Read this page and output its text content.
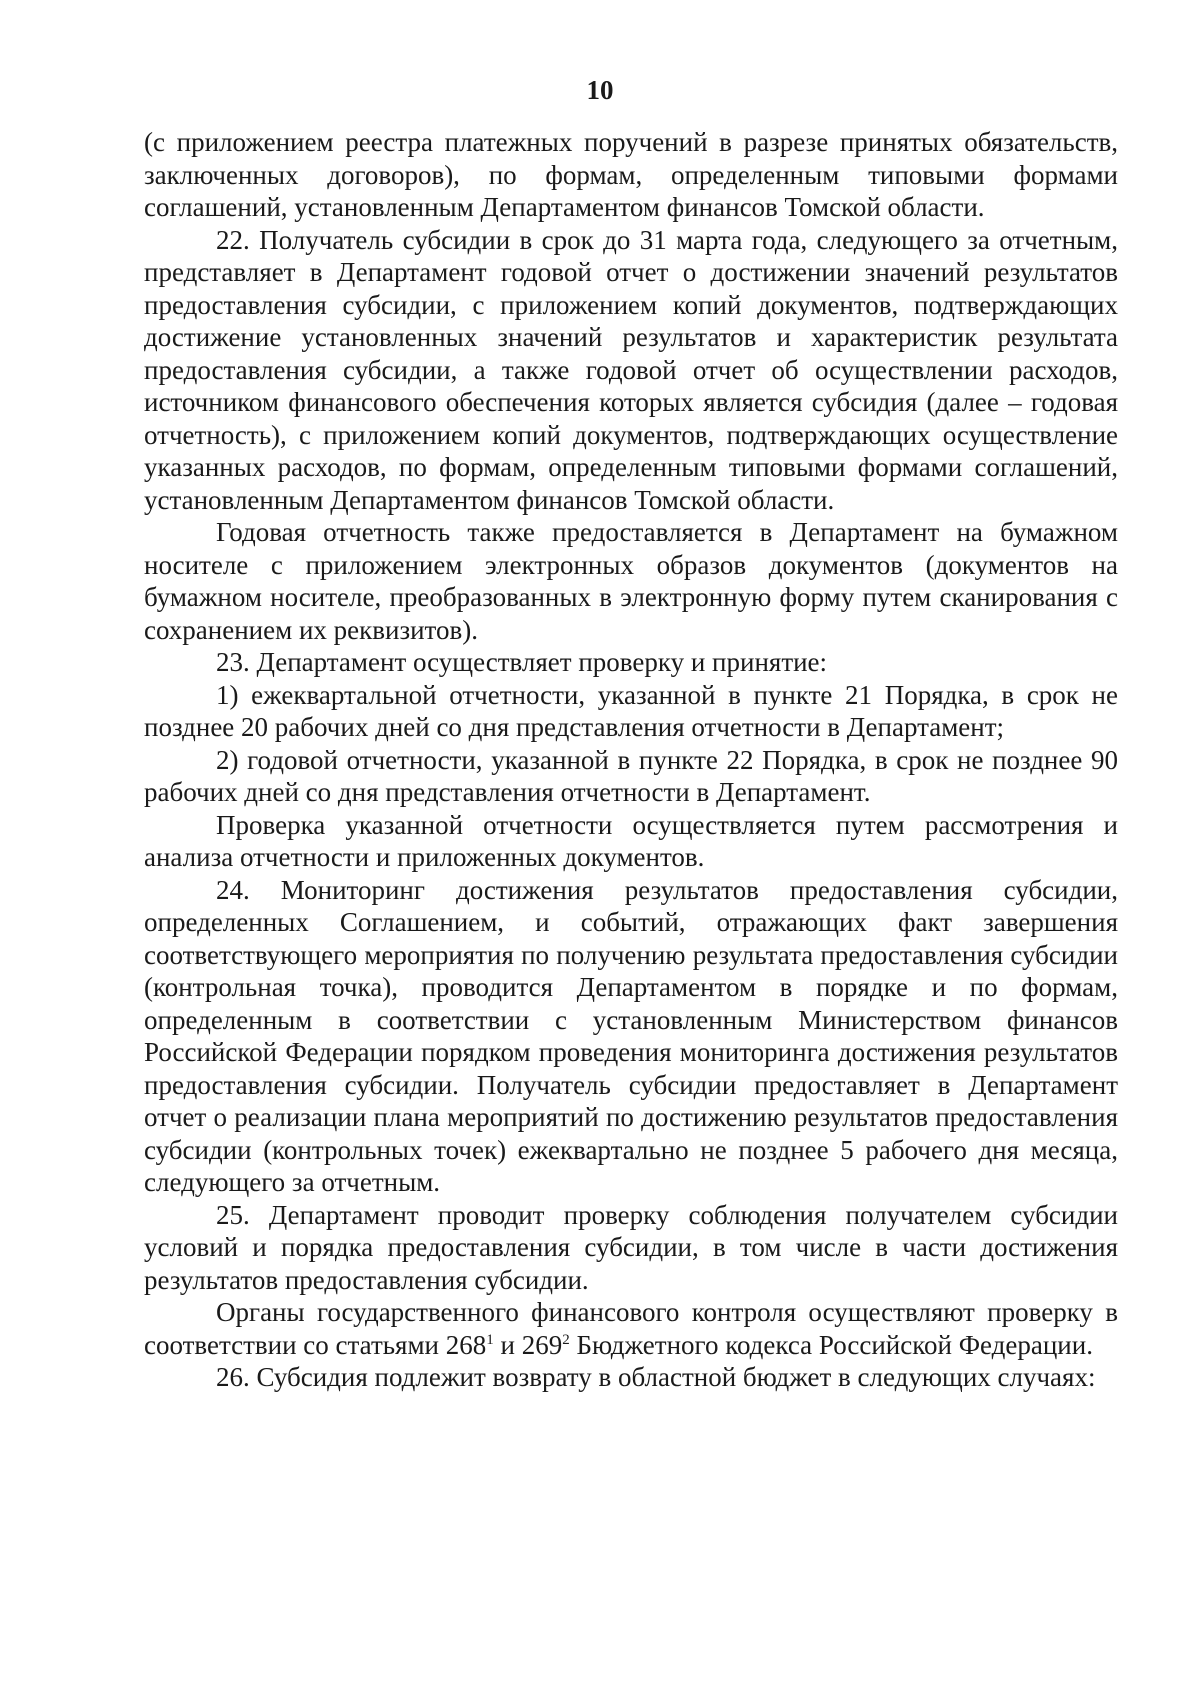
10

(с приложением реестра платежных поручений в разрезе принятых обязательств, заключенных договоров), по формам, определенным типовыми формами соглашений, установленным Департаментом финансов Томской области.

22. Получатель субсидии в срок до 31 марта года, следующего за отчетным, представляет в Департамент годовой отчет о достижении значений результатов предоставления субсидии, с приложением копий документов, подтверждающих достижение установленных значений результатов и характеристик результата предоставления субсидии, а также годовой отчет об осуществлении расходов, источником финансового обеспечения которых является субсидия (далее – годовая отчетность), с приложением копий документов, подтверждающих осуществление указанных расходов, по формам, определенным типовыми формами соглашений, установленным Департаментом финансов Томской области.

Годовая отчетность также предоставляется в Департамент на бумажном носителе с приложением электронных образов документов (документов на бумажном носителе, преобразованных в электронную форму путем сканирования с сохранением их реквизитов).

23. Департамент осуществляет проверку и принятие:

1) ежеквартальной отчетности, указанной в пункте 21 Порядка, в срок не позднее 20 рабочих дней со дня представления отчетности в Департамент;

2) годовой отчетности, указанной в пункте 22 Порядка, в срок не позднее 90 рабочих дней со дня представления отчетности в Департамент.

Проверка указанной отчетности осуществляется путем рассмотрения и анализа отчетности и приложенных документов.

24. Мониторинг достижения результатов предоставления субсидии, определенных Соглашением, и событий, отражающих факт завершения соответствующего мероприятия по получению результата предоставления субсидии (контрольная точка), проводится Департаментом в порядке и по формам, определенным в соответствии с установленным Министерством финансов Российской Федерации порядком проведения мониторинга достижения результатов предоставления субсидии. Получатель субсидии предоставляет в Департамент отчет о реализации плана мероприятий по достижению результатов предоставления субсидии (контрольных точек) ежеквартально не позднее 5 рабочего дня месяца, следующего за отчетным.

25. Департамент проводит проверку соблюдения получателем субсидии условий и порядка предоставления субсидии, в том числе в части достижения результатов предоставления субсидии.

Органы государственного финансового контроля осуществляют проверку в соответствии со статьями $268^1$ и $269^2$ Бюджетного кодекса Российской Федерации.

26. Субсидия подлежит возврату в областной бюджет в следующих случаях:
